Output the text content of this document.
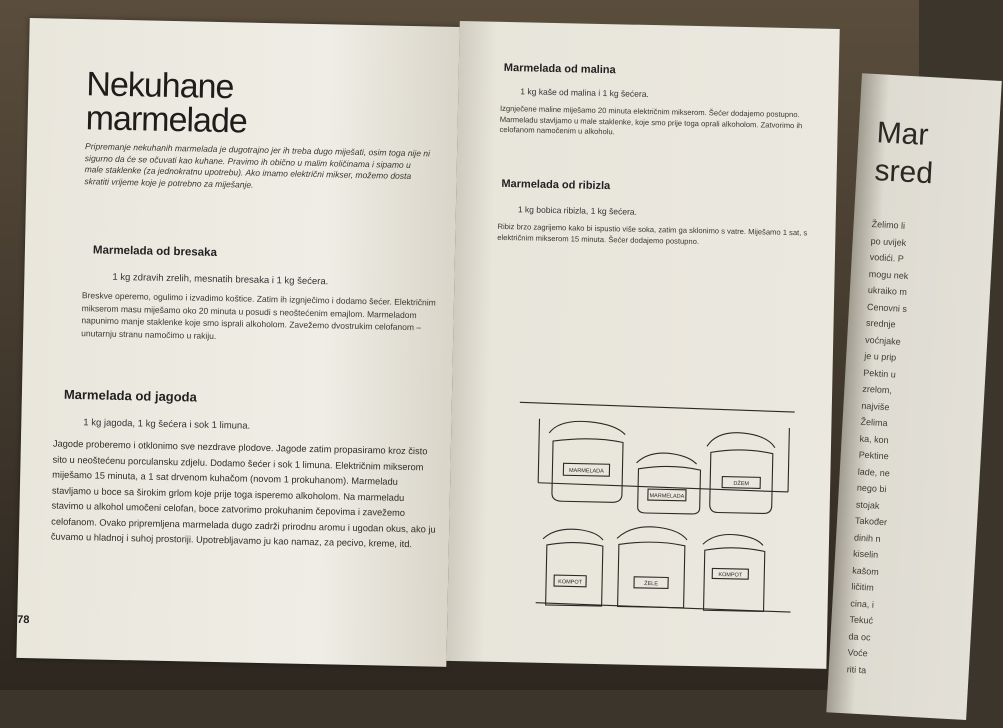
Nekuhane
marmelade
Pripremanje nekuhanih marmelada je dugotrajno jer ih treba dugo miješati, osim toga nije ni sigurno da će se očuvati kao kuhane. Pravimo ih obično u malim količinama i sipamo u male staklenke (za jednokratnu upotrebu). Ako imamo električni mikser, možemo dosta skratiti vrijeme koje je potrebno za miješanje.
Marmelada od bresaka
1 kg zdravih zrelih, mesnatih bresaka i 1 kg šećera.
Breskve operemo, ogulimo i izvadimo koštice. Zatim ih izgnječimo i dodamo šećer. Električnim mikserom masu miješamo oko 20 minuta u posudi s neoštećenim emajlom. Marmeladom napunimo manje staklenke koje smo isprali alkoholom. Zavežemo dvostrukim celofanom – unutarnju stranu namočimo u rakiju.
Marmelada od jagoda
1 kg jagoda, 1 kg šećera i sok 1 limuna.
Jagode proberemo i otklonimo sve nezdrave plodove. Jagode zatim propasiramo kroz čisto sito u neoštećenu porculansku zdjelu. Dodamo šećer i sok 1 limuna. Električnim mikserom miješamo 15 minuta, a 1 sat drvenom kuhačom (novom 1 prokuhanom). Marmeladu stavljamo u boce sa širokim grlom koje prije toga isperemo alkoholom. Na marmeladu stavimo u alkohol umočeni celofan, boce zatvorimo prokuhanim čepovima i zavežemo celofanom. Ovako pripremljena marmelada dugo zadrži prirodnu aromu i ugodan okus, ako ju čuvamo u hladnoj i suhoj prostoriji. Upotrebljavamo ju kao namaz, za pecivo, kreme, itd.
78
Marmelada od malina
1 kg kaše od malina i 1 kg šećera.
Izgnječene maline miješamo 20 minuta električnim mikserom. Šećer dodajemo postupno. Marmeladu stavljamo u male staklenke, koje smo prije toga oprali alkoholom. Zatvorimo ih celofanom namočenim u alkoholu.
Marmelada od ribizla
1 kg bobica ribizla, 1 kg šećera.
Ribiz brzo zagrijemo kako bi ispustio više soka, zatim ga sklonimo s vatre. Miješamo 1 sat, s električnim mikserom 15 minuta. Šećer dodajemo postupno.
MARMELADA
MARMELADA
DŽEM
KOMPOT	ŽELE
KOMPOT
Mar
sred
Želimo li
po uvijek
vodići. P
mogu nek
ukraiko m
Cenovni s
srednje
voćnjake
je u prip
Pektin u
zrelom,
najviše
Želima
ka, kon
Pektine
lade, ne
nego bi
stojak
Također
dinih n
kiselin
kašom
ličitim
cina, i
Tekuć
da oc
Voće
riti ta
